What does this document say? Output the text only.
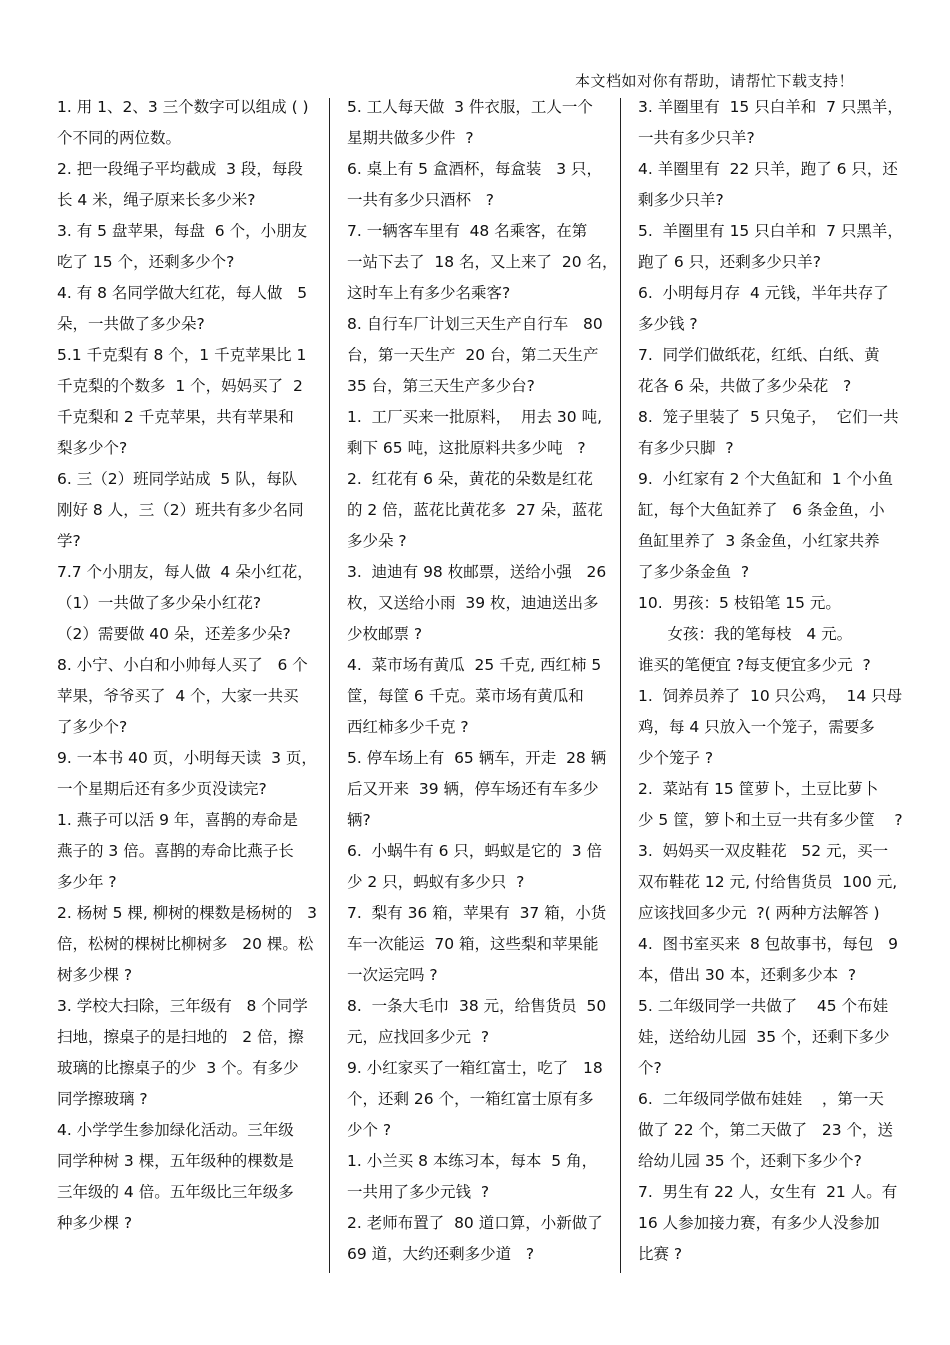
本文档如对你有帮助，请帮忙下载支持！

1. 用 1、2、3 三个数字可以组成 ( )

个不同的两位数。

2. 把一段绳子平均截成  3 段，每段

长 4 米，绳子原来长多少米?

3. 有 5 盘苹果，每盘  6 个，小朋友

吃了 15 个，还剩多少个?

4. 有 8 名同学做大红花，每人做   5

朵，一共做了多少朵?

5.1 千克梨有 8 个，1 千克苹果比 1

千克梨的个数多  1 个，妈妈买了  2

千克梨和 2 千克苹果，共有苹果和

梨多少个?

6. 三（2）班同学站成  5 队，每队

刚好 8 人，三（2）班共有多少名同

学?

7.7 个小朋友，每人做  4 朵小红花，

（1）一共做了多少朵小红花?

（2）需要做 40 朵，还差多少朵?

8. 小宁、小白和小帅每人买了   6 个

苹果，爷爷买了  4 个，大家一共买

了多少个?

9. 一本书 40 页，小明每天读  3 页，

一个星期后还有多少页没读完?

1. 燕子可以活 9 年，喜鹊的寿命是

燕子的 3 倍。喜鹊的寿命比燕子长

多少年 ?

2. 杨树 5 棵, 柳树的棵数是杨树的   3

倍，松树的棵树比柳树多   20 棵。松

树多少棵 ?

3. 学校大扫除，三年级有   8 个同学

扫地，擦桌子的是扫地的   2 倍，擦

玻璃的比擦桌子的少  3 个。有多少

同学擦玻璃 ?

4. 小学学生参加绿化活动。三年级

同学种树 3 棵，五年级种的棵数是

三年级的 4 倍。五年级比三年级多

种多少棵 ?

5. 工人每天做  3 件衣服，工人一个

星期共做多少件  ?

6. 桌上有 5 盒酒杯，每盒装   3 只，

一共有多少只酒杯   ?

7. 一辆客车里有  48 名乘客，在第

一站下去了  18 名，又上来了  20 名，

这时车上有多少名乘客?

8. 自行车厂计划三天生产自行车   80

台，第一天生产  20 台，第二天生产

35 台，第三天生产多少台?

1.  工厂买来一批原料，  用去 30 吨,

剩下 65 吨，这批原料共多少吨   ?

2.  红花有 6 朵，黄花的朵数是红花

的 2 倍，蓝花比黄花多  27 朵，蓝花

多少朵 ?

3.  迪迪有 98 枚邮票，送给小强   26

枚，又送给小雨  39 枚，迪迪送出多

少枚邮票 ?

4.  菜市场有黄瓜  25 千克, 西红柿 5

筐，每筐 6 千克。菜市场有黄瓜和

西红柿多少千克 ?

5. 停车场上有  65 辆车，开走  28 辆

后又开来  39 辆，停车场还有车多少

辆?

6.  小蜗牛有 6 只，蚂蚁是它的  3 倍

少 2 只，蚂蚁有多少只  ?

7.  梨有 36 箱，苹果有  37 箱，小货

车一次能运  70 箱，这些梨和苹果能

一次运完吗 ?

8.  一条大毛巾  38 元，给售货员  50

元，应找回多少元  ?

9. 小红家买了一箱红富士，吃了   18

个，还剩 26 个，一箱红富士原有多

少个 ?

1. 小兰买 8 本练习本，每本  5 角，

一共用了多少元钱  ?

2. 老师布置了  80 道口算，小新做了

69 道，大约还剩多少道   ?

3. 羊圈里有  15 只白羊和  7 只黑羊，

一共有多少只羊?

4. 羊圈里有  22 只羊，跑了 6 只，还

剩多少只羊?

5.  羊圈里有 15 只白羊和  7 只黑羊，

跑了 6 只，还剩多少只羊?

6.  小明每月存  4 元钱，半年共存了

多少钱 ?

7.  同学们做纸花，红纸、白纸、黄

花各 6 朵，共做了多少朵花   ?

8.  笼子里装了  5 只兔子，  它们一共

有多少只脚  ?

9.  小红家有 2 个大鱼缸和  1 个小鱼

缸，每个大鱼缸养了   6 条金鱼，小

鱼缸里养了  3 条金鱼，小红家共养

了多少条金鱼  ?

10.  男孩：5 枝铅笔 15 元。

女孩：我的笔每枝   4 元。

谁买的笔便宜 ?每支便宜多少元  ?

1.  饲养员养了  10 只公鸡，  14 只母

鸡，每 4 只放入一个笼子，需要多

少个笼子 ?

2.  菜站有 15 筐萝卜，土豆比萝卜

少 5 筐，箩卜和土豆一共有多少筐    ?

3.  妈妈买一双皮鞋花   52 元，买一

双布鞋花 12 元, 付给售货员  100 元,

应该找回多少元  ?( 两种方法解答 )

4.  图书室买来  8 包故事书，每包   9

本，借出 30 本，还剩多少本  ?

5. 二年级同学一共做了    45 个布娃

娃，送给幼儿园  35 个，还剩下多少

个?

6.  二年级同学做布娃娃    ，第一天

做了 22 个，第二天做了   23 个，送

给幼儿园 35 个，还剩下多少个?

7.  男生有 22 人，女生有  21 人。有

16 人参加接力赛，有多少人没参加

比赛 ?
